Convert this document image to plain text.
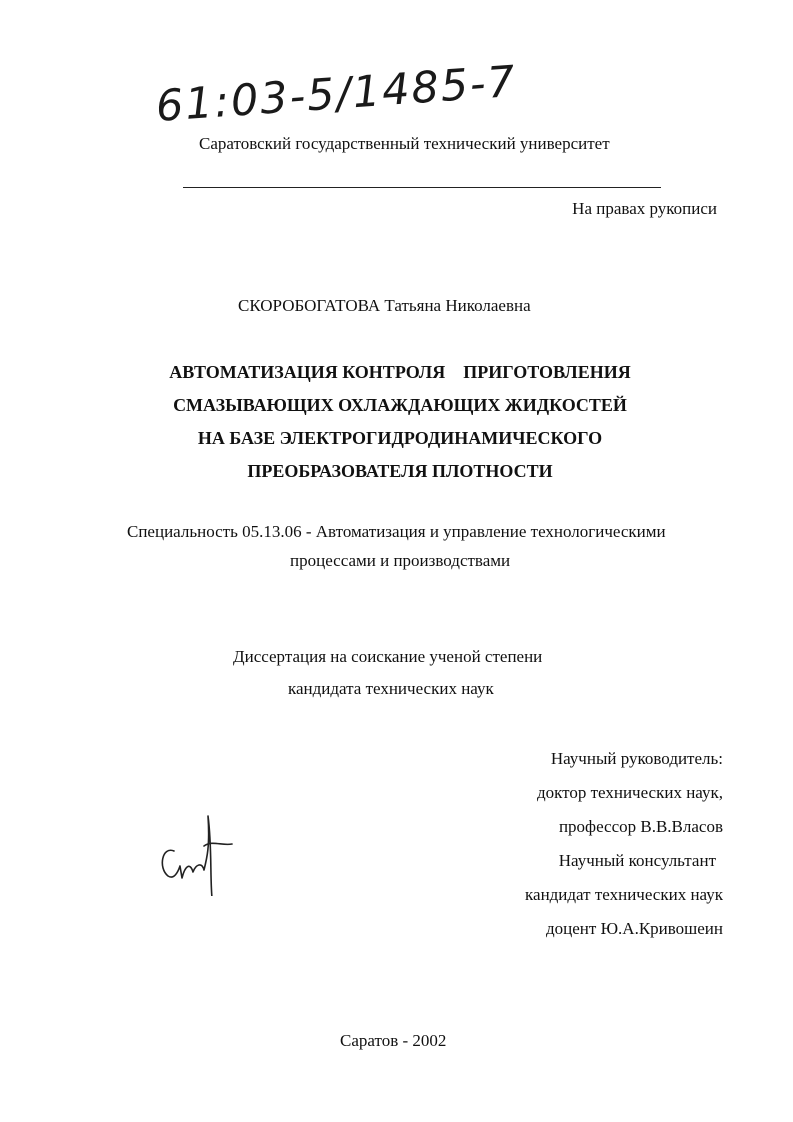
61:03-5/1485-7
Саратовский государственный технический университет
На правах рукописи
СКОРОБОГАТОВА Татьяна Николаевна
АВТОМАТИЗАЦИЯ КОНТРОЛЯ    ПРИГОТОВЛЕНИЯ
СМАЗЫВАЮЩИХ ОХЛАЖДАЮЩИХ ЖИДКОСТЕЙ
НА БАЗЕ ЭЛЕКТРОГИДРОДИНАМИЧЕСКОГО
ПРЕОБРАЗОВАТЕЛЯ ПЛОТНОСТИ
Специальность 05.13.06 - Автоматизация и управление технологическими
процессами и производствами
Диссертация на соискание ученой степени
кандидата технических наук
Научный руководитель:
доктор технических наук,
профессор В.В.Власов
Научный консультант
кандидат технических наук
доцент Ю.А.Кривошеин
Саратов - 2002
